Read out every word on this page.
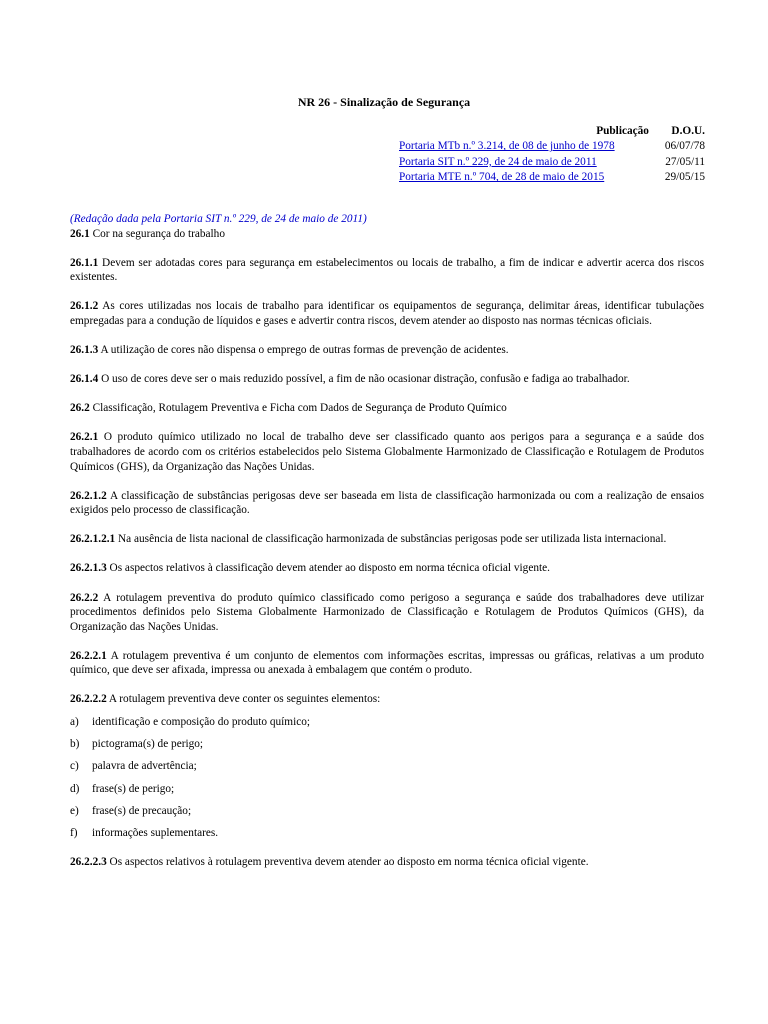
NR 26 - Sinalização de Segurança
Publicação	D.O.U.
Portaria MTb n.º 3.214, de 08 de junho de 1978	06/07/78
Portaria SIT n.º 229, de 24 de maio de 2011	27/05/11
Portaria MTE n.º 704, de 28 de maio de 2015	29/05/15

(Redação dada pela Portaria SIT n.º 229, de 24 de maio de 2011)

26.1 Cor na segurança do trabalho

26.1.1 Devem ser adotadas cores para segurança em estabelecimentos ou locais de trabalho, a fim de indicar e advertir acerca dos riscos existentes.

26.1.2 As cores utilizadas nos locais de trabalho para identificar os equipamentos de segurança, delimitar áreas, identificar tubulações empregadas para a condução de líquidos e gases e advertir contra riscos, devem atender ao disposto nas normas técnicas oficiais.

26.1.3 A utilização de cores não dispensa o emprego de outras formas de prevenção de acidentes.

26.1.4 O uso de cores deve ser o mais reduzido possível, a fim de não ocasionar distração, confusão e fadiga ao trabalhador.

26.2 Classificação, Rotulagem Preventiva e Ficha com Dados de Segurança de Produto Químico

26.2.1 O produto químico utilizado no local de trabalho deve ser classificado quanto aos perigos para a segurança e a saúde dos trabalhadores de acordo com os critérios estabelecidos pelo Sistema Globalmente Harmonizado de Classificação e Rotulagem de Produtos Químicos (GHS), da Organização das Nações Unidas.

26.2.1.2 A classificação de substâncias perigosas deve ser baseada em lista de classificação harmonizada ou com a realização de ensaios exigidos pelo processo de classificação.

26.2.1.2.1 Na ausência de lista nacional de classificação harmonizada de substâncias perigosas pode ser utilizada lista internacional.

26.2.1.3 Os aspectos relativos à classificação devem atender ao disposto em norma técnica oficial vigente.

26.2.2 A rotulagem preventiva do produto químico classificado como perigoso a segurança e saúde dos trabalhadores deve utilizar procedimentos definidos pelo Sistema Globalmente Harmonizado de Classificação e Rotulagem de Produtos Químicos (GHS), da Organização das Nações Unidas.

26.2.2.1 A rotulagem preventiva é um conjunto de elementos com informações escritas, impressas ou gráficas, relativas a um produto químico, que deve ser afixada, impressa ou anexada à embalagem que contém o produto.

26.2.2.2 A rotulagem preventiva deve conter os seguintes elementos:

a)	identificação e composição do produto químico;
b)	pictograma(s) de perigo;
c)	palavra de advertência;
d)	frase(s) de perigo;
e)	frase(s) de precaução;
f)	informações suplementares.

26.2.2.3 Os aspectos relativos à rotulagem preventiva devem atender ao disposto em norma técnica oficial vigente.
